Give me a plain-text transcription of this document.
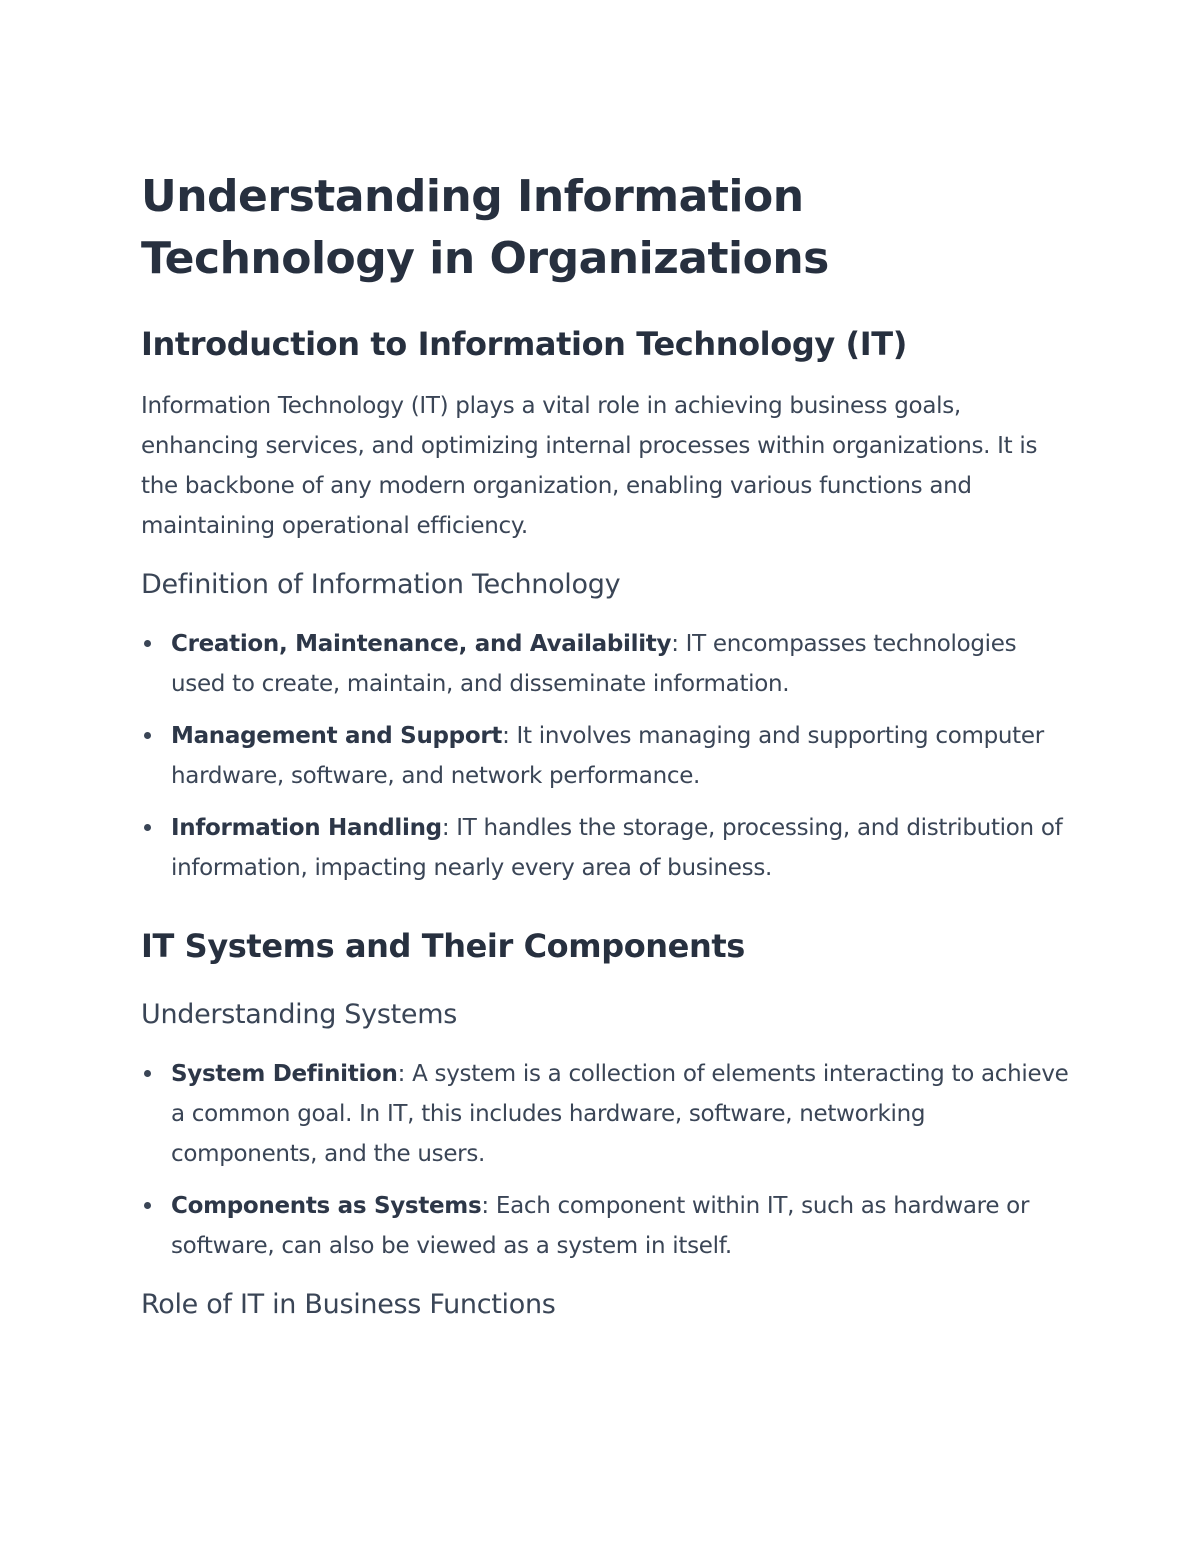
Understanding Information Technology in Organizations
Introduction to Information Technology (IT)

Information Technology (IT) plays a vital role in achieving business goals, enhancing services, and optimizing internal processes within organizations. It is the backbone of any modern organization, enabling various functions and maintaining operational efficiency.

Definition of Information Technology
Creation, Maintenance, and Availability: IT encompasses technologies used to create, maintain, and disseminate information.
Management and Support: It involves managing and supporting computer hardware, software, and network performance.
Information Handling: IT handles the storage, processing, and distribution of information, impacting nearly every area of business.
IT Systems and Their Components
Understanding Systems
System Definition: A system is a collection of elements interacting to achieve a common goal. In IT, this includes hardware, software, networking components, and the users.
Components as Systems: Each component within IT, such as hardware or software, can also be viewed as a system in itself.
Role of IT in Business Functions
